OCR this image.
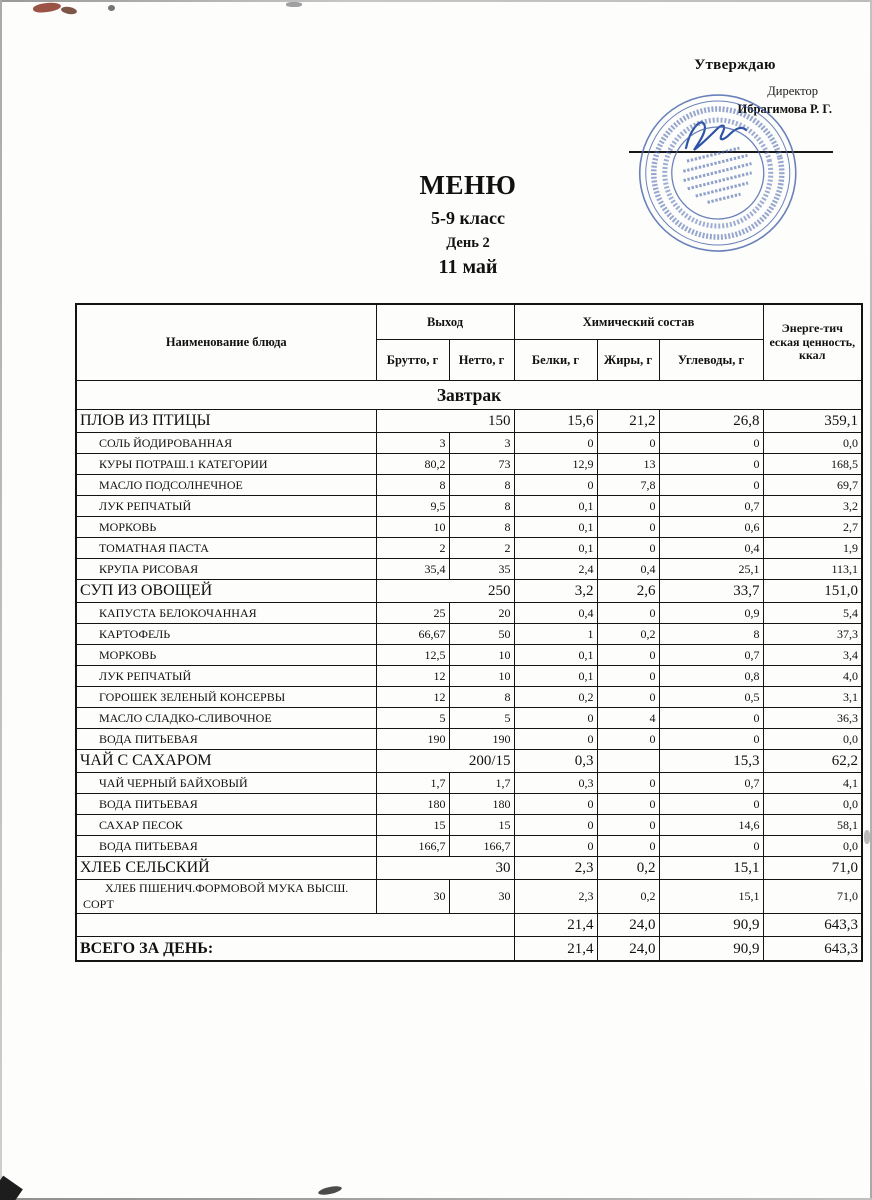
Утверждаю
Директор
Ибрагимова Р. Г.
МЕНЮ
5-9 класс
День 2
11 май
Наименование блюда	Выход		Химический состав			Энерге-тич еская ценность, ккал
	Брутто, г	Нетто, г	Белки, г	Жиры, г	Углеводы, г	
Завтрак						
ПЛОВ ИЗ ПТИЦЫ	150		15,6	21,2	26,8	359,1
СОЛЬ ЙОДИРОВАННАЯ	3	3	0	0	0	0,0
КУРЫ ПОТРАШ.1 КАТЕГОРИИ	80,2	73	12,9	13	0	168,5
МАСЛО ПОДСОЛНЕЧНОЕ	8	8	0	7,8	0	69,7
ЛУК РЕПЧАТЫЙ	9,5	8	0,1	0	0,7	3,2
МОРКОВЬ	10	8	0,1	0	0,6	2,7
ТОМАТНАЯ ПАСТА	2	2	0,1	0	0,4	1,9
КРУПА РИСОВАЯ	35,4	35	2,4	0,4	25,1	113,1
СУП ИЗ ОВОЩЕЙ	250		3,2	2,6	33,7	151,0
КАПУСТА БЕЛОКОЧАННАЯ	25	20	0,4	0	0,9	5,4
КАРТОФЕЛЬ	66,67	50	1	0,2	8	37,3
МОРКОВЬ	12,5	10	0,1	0	0,7	3,4
ЛУК РЕПЧАТЫЙ	12	10	0,1	0	0,8	4,0
ГОРОШЕК ЗЕЛЕНЫЙ КОНСЕРВЫ	12	8	0,2	0	0,5	3,1
МАСЛО СЛАДКО-СЛИВОЧНОЕ	5	5	0	4	0	36,3
ВОДА ПИТЬЕВАЯ	190	190	0	0	0	0,0
ЧАЙ С САХАРОМ	200/15		0,3		15,3	62,2
ЧАЙ ЧЕРНЫЙ БАЙХОВЫЙ	1,7	1,7	0,3	0	0,7	4,1
ВОДА ПИТЬЕВАЯ	180	180	0	0	0	0,0
САХАР ПЕСОК	15	15	0	0	14,6	58,1
ВОДА ПИТЬЕВАЯ	166,7	166,7	0	0	0	0,0
ХЛЕБ СЕЛЬСКИЙ	30		2,3	0,2	15,1	71,0
ХЛЕБ ПШЕНИЧ.ФОРМОВОЙ МУКА ВЫСШ. СОРТ	30	30	2,3	0,2	15,1	71,0
			21,4	24,0	90,9	643,3
ВСЕГО ЗА ДЕНЬ:			21,4	24,0	90,9	643,3
